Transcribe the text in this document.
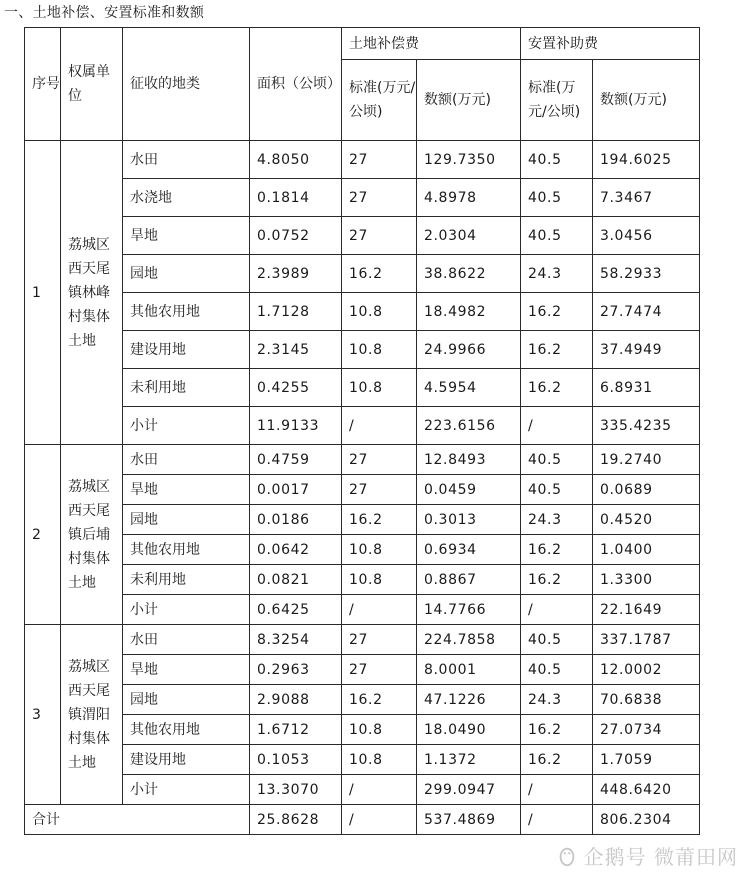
一、土地补偿、安置标准和数额
序号	权属单位	征收的地类	面积（公顷）	土地补偿费		安置补助费	
				标准(万元/公顷)	数额(万元)	标准(万元/公顷)	数额(万元)
1	荔城区西天尾镇林峰村集体土地	水田	4.8050	27	129.7350	40.5	194.6025
		水浇地	0.1814	27	4.8978	40.5	7.3467
		旱地	0.0752	27	2.0304	40.5	3.0456
		园地	2.3989	16.2	38.8622	24.3	58.2933
		其他农用地	1.7128	10.8	18.4982	16.2	27.7474
		建设用地	2.3145	10.8	24.9966	16.2	37.4949
		未利用地	0.4255	10.8	4.5954	16.2	6.8931
		小计	11.9133	/	223.6156	/	335.4235
2	荔城区西天尾镇后埔村集体土地	水田	0.4759	27	12.8493	40.5	19.2740
		旱地	0.0017	27	0.0459	40.5	0.0689
		园地	0.0186	16.2	0.3013	24.3	0.4520
		其他农用地	0.0642	10.8	0.6934	16.2	1.0400
		未利用地	0.0821	10.8	0.8867	16.2	1.3300
		小计	0.6425	/	14.7766	/	22.1649
3	荔城区西天尾镇渭阳村集体土地	水田	8.3254	27	224.7858	40.5	337.1787
		旱地	0.2963	27	8.0001	40.5	12.0002
		园地	2.9088	16.2	47.1226	24.3	70.6838
		其他农用地	1.6712	10.8	18.0490	16.2	27.0734
		建设用地	0.1053	10.8	1.1372	16.2	1.7059
		小计	13.3070	/	299.0947	/	448.6420
合计			25.8628	/	537.4869	/	806.2304
企鹅号 微莆田网
